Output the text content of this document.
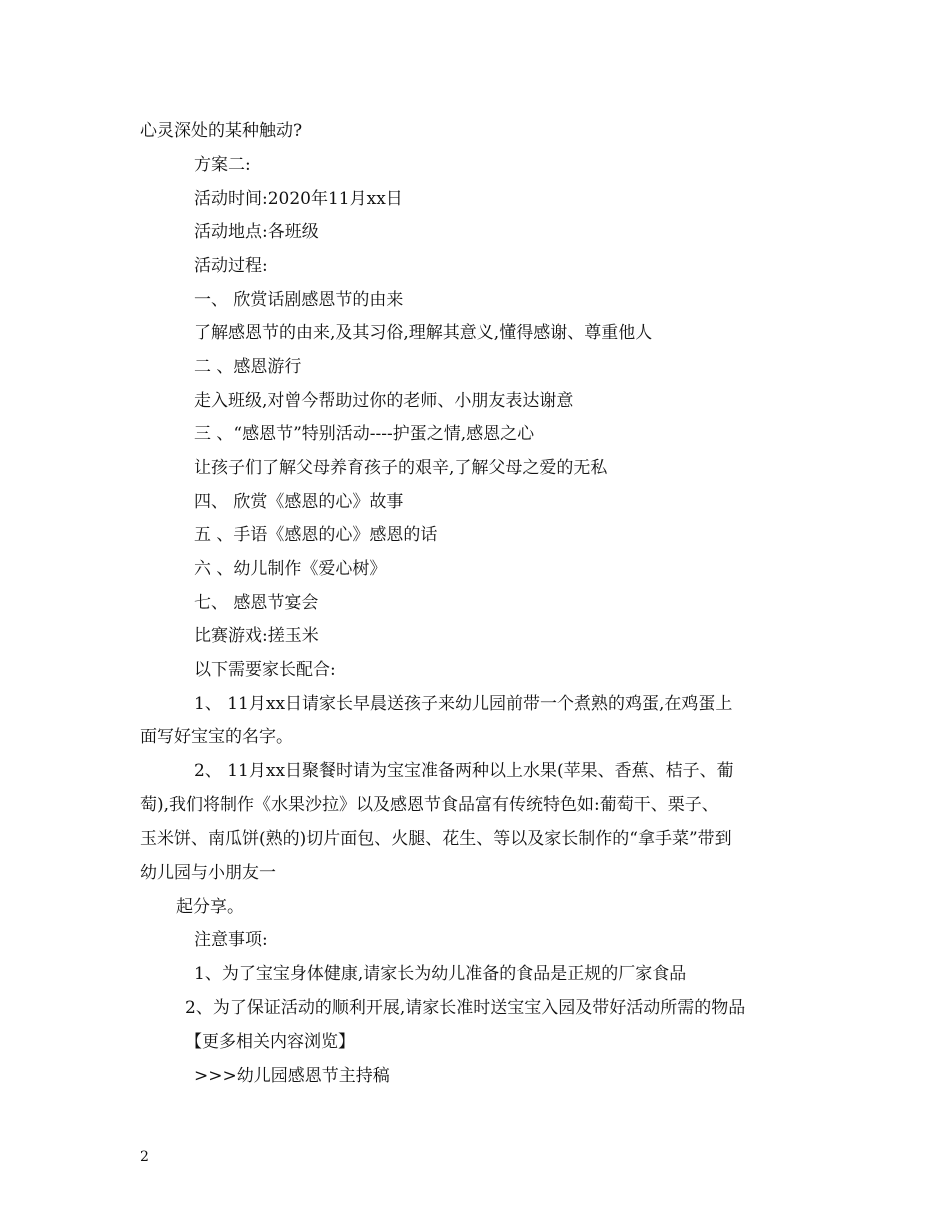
心灵深处的某种触动?
方案二:
活动时间:2020年11月xx日
活动地点:各班级
活动过程:
一、 欣赏话剧感恩节的由来
了解感恩节的由来,及其习俗,理解其意义,懂得感谢、尊重他人
二 、感恩游行
走入班级,对曾今帮助过你的老师、小朋友表达谢意
三 、“感恩节”特别活动----护蛋之情,感恩之心
让孩子们了解父母养育孩子的艰辛,了解父母之爱的无私
四、 欣赏《感恩的心》故事
五 、手语《感恩的心》感恩的话
六 、幼儿制作《爱心树》
七、 感恩节宴会
比赛游戏:搓玉米
以下需要家长配合:
1、 11月xx日请家长早晨送孩子来幼儿园前带一个煮熟的鸡蛋,在鸡蛋上
面写好宝宝的名字。
2、 11月xx日聚餐时请为宝宝准备两种以上水果(苹果、香蕉、桔子、葡
萄),我们将制作《水果沙拉》以及感恩节食品富有传统特色如:葡萄干、栗子、
玉米饼、南瓜饼(熟的)切片面包、火腿、花生、等以及家长制作的“拿手菜”带到
幼儿园与小朋友一
起分享。
注意事项:
1、为了宝宝身体健康,请家长为幼儿准备的食品是正规的厂家食品
2、为了保证活动的顺利开展,请家长准时送宝宝入园及带好活动所需的物品
【更多相关内容浏览】
>>>幼儿园感恩节主持稿
2
